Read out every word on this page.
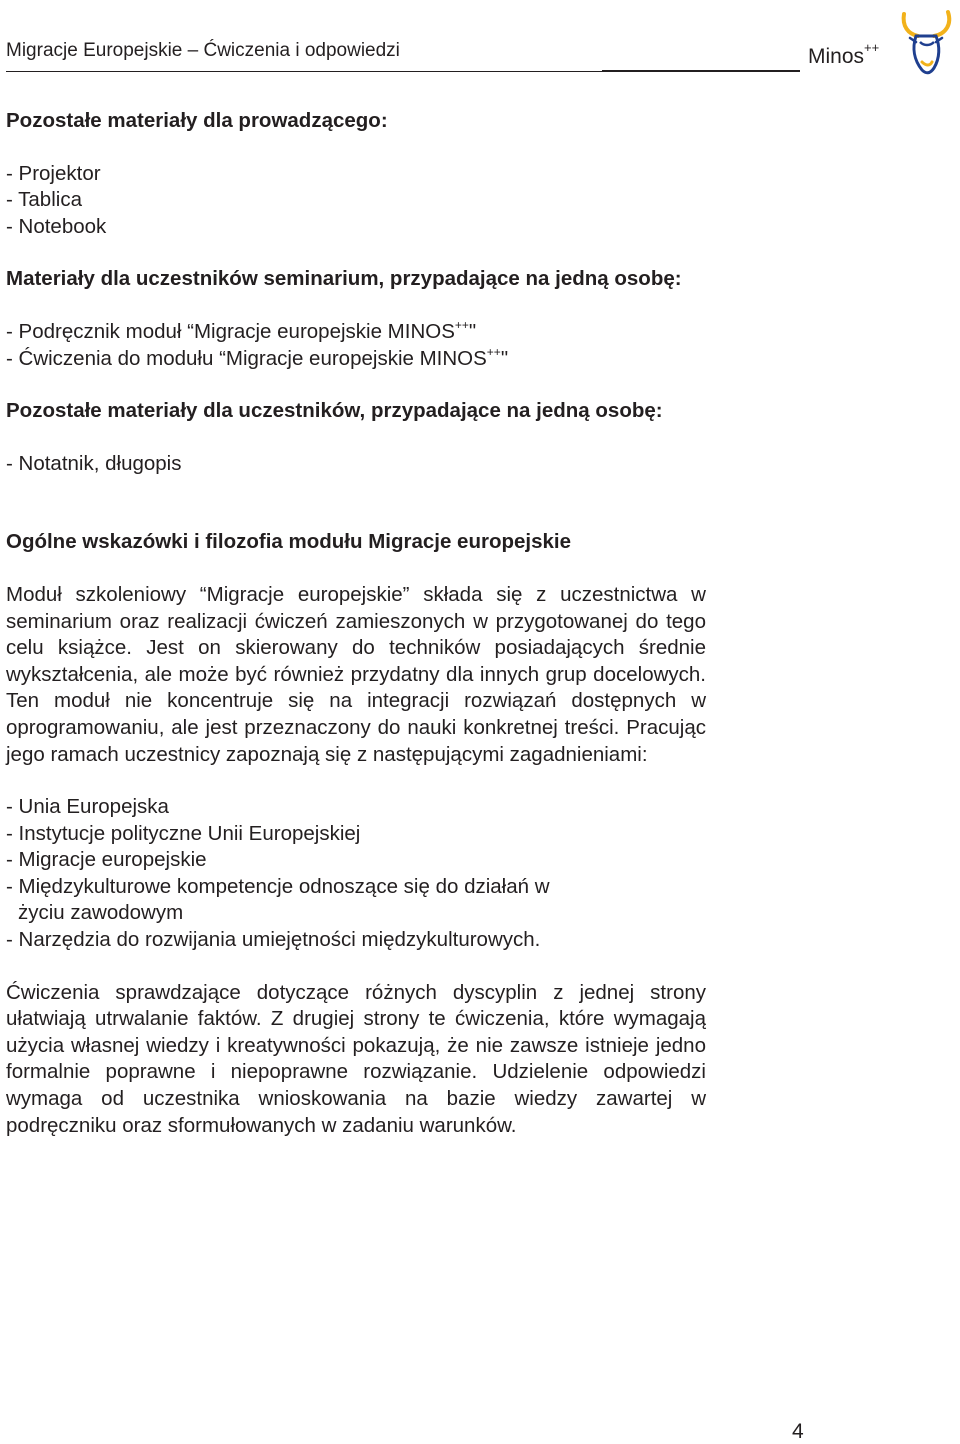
Migracje Europejskie – Ćwiczenia i odpowiedzi	Minos++

Pozostałe materiały dla prowadzącego:

- Projektor
- Tablica
- Notebook

Materiały dla uczestników seminarium, przypadające na jedną osobę:

- Podręcznik moduł “Migracje europejskie MINOS++"
- Ćwiczenia do modułu “Migracje europejskie MINOS++"

Pozostałe materiały dla uczestników, przypadające na jedną osobę:

- Notatnik, długopis

Ogólne wskazówki i filozofia modułu Migracje europejskie

Moduł szkoleniowy “Migracje europejskie” składa się z uczestnictwa w seminarium oraz realizacji ćwiczeń zamieszonych w przygotowanej do tego celu książce. Jest on skierowany do techników posiadających średnie wykształcenia, ale może być również przydatny dla innych grup docelowych. Ten moduł nie koncentruje się na integracji rozwiązań dostępnych w oprogramowaniu, ale jest przeznaczony do nauki konkretnej treści. Pracując jego ramach uczestnicy zapoznają się z następującymi zagadnieniami:

- Unia Europejska
- Instytucje polityczne Unii Europejskiej
- Migracje europejskie
- Międzykulturowe kompetencje odnoszące się do działań w
życiu zawodowym
- Narzędzia do rozwijania umiejętności międzykulturowych.

Ćwiczenia sprawdzające dotyczące różnych dyscyplin z jednej strony ułatwiają utrwalanie faktów. Z drugiej strony te ćwiczenia, które wymagają użycia własnej wiedzy i kreatywności pokazują, że nie zawsze istnieje jedno formalnie poprawne i niepoprawne rozwiązanie. Udzielenie odpowiedzi wymaga od uczestnika wnioskowania na bazie wiedzy zawartej w podręczniku oraz sformułowanych w zadaniu warunków.

4
